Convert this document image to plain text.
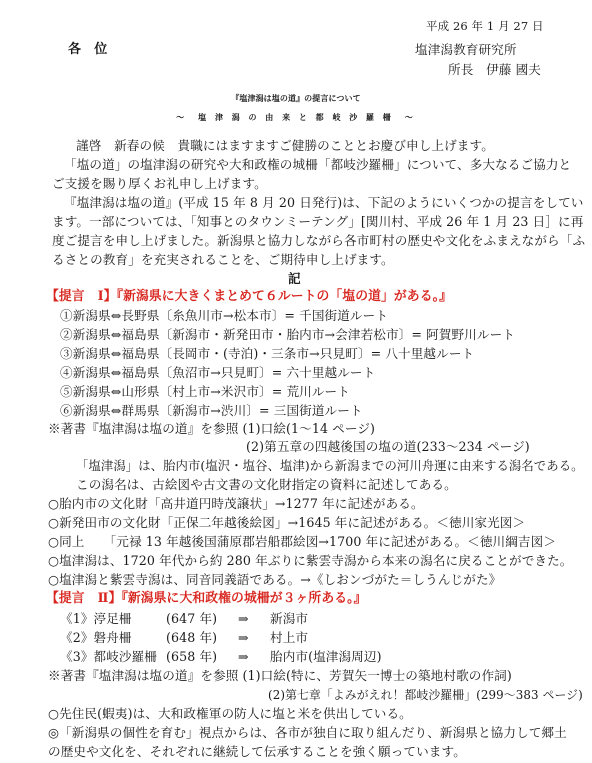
平成 26 年 1 月 27 日
各　位	塩津潟教育研究所
所長　伊藤 國夫
『塩津潟は塩の道』の提言について
～　塩 津 潟 の 由 来 と 都 岐 沙 羅 柵　～
謹啓　新春の候　貴職にはますますご健勝のこととお慶び申し上げます。
「塩の道」の塩津潟の研究や大和政権の城柵「都岐沙羅柵」について、多大なるご協力と
ご支援を賜り厚くお礼申し上げます。
『塩津潟は塩の道』(平成 15 年 8 月 20 日発行)は、下記のようにいくつかの提言をしてい
ます。一部については、「知事とのタウンミーテング」[関川村、平成 26 年 1 月 23 日］に再
度ご提言を申し上げました。新潟県と協力しながら各市町村の歴史や文化をふまえながら「ふ
るさとの教育」を充実されることを、ご期待申し上げます。
記
【提言　Ⅰ】『新潟県に大きくまとめて６ルートの「塩の道」がある。』
①新潟県⇔長野県〔糸魚川市→松本市〕= 千国街道ルート
②新潟県⇔福島県〔新潟市・新発田市・胎内市→会津若松市〕= 阿賀野川ルート
③新潟県⇔福島県〔長岡市・(寺泊)・三条市→只見町〕= 八十里越ルート
④新潟県⇔福島県〔魚沼市→只見町〕= 六十里越ルート
⑤新潟県⇔山形県〔村上市→米沢市〕= 荒川ルート
⑥新潟県⇔群馬県〔新潟市→渋川〕= 三国街道ルート
※著書『塩津潟は塩の道』を参照 (1)口絵(1～14 ページ)
(2)第五章の四越後国の塩の道(233～234 ページ)
「塩津潟」は、胎内市(塩沢・塩谷、塩津)から新潟までの河川舟運に由来する潟名である。
この潟名は、古絵図や古文書の文化財指定の資料に記述してある。
○胎内市の文化財「高井道円時茂譲状」→1277 年に記述がある。
○新発田市の文化財「正保二年越後絵図」→1645 年に記述がある。＜徳川家光図＞
○同上　　「元禄 13 年越後国蒲原郡岩船郡絵図→1700 年に記述がある。＜徳川綱吉図＞
○塩津潟は、1720 年代から約 280 年ぶりに紫雲寺潟から本来の潟名に戻ることができた。
○塩津潟と紫雲寺潟は、同音同義語である。→《しおンづがた＝しうんじがた》
【提言　Ⅱ】『新潟県に大和政権の城柵が３ヶ所ある。』
《1》渟足柵	(647 年) ⇒ 新潟市
《2》磐舟柵	(648 年) ⇒ 村上市
《3》都岐沙羅柵 (658 年) ⇒ 胎内市(塩津潟周辺)
※著書『塩津潟は塩の道』を参照 (1)口絵(特に、芳賀矢一博士の築地村歌の作詞)
(2)第七章「よみがえれ！都岐沙羅柵」(299～383 ページ)
○先住民(蝦夷)は、大和政権軍の防人に塩と米を供出している。
◎「新潟県の個性を育む」視点からは、各市が独自に取り組んだり、新潟県と協力して郷土
の歴史や文化を、それぞれに継続して伝承することを強く願っています。
